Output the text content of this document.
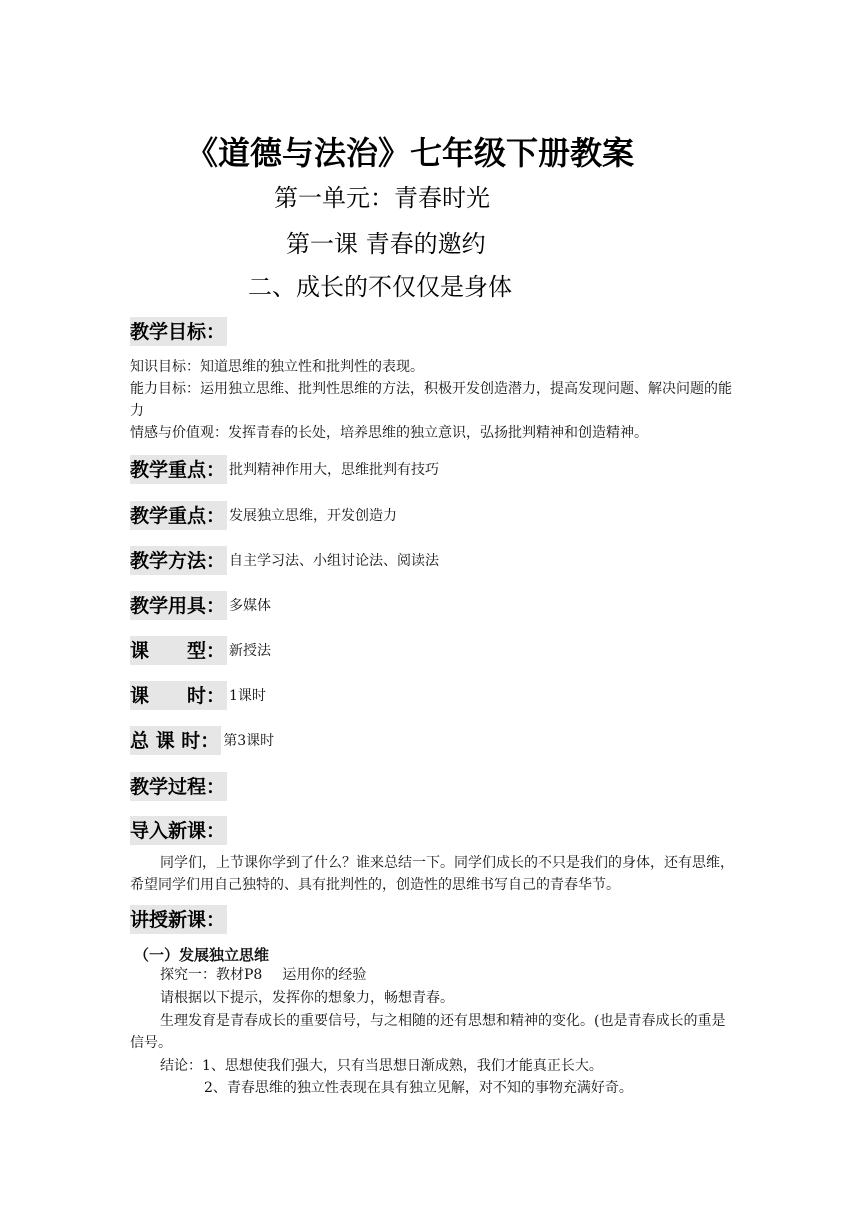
《道德与法治》七年级下册教案
第一单元：青春时光
第一课 青春的邀约
二、成长的不仅仅是身体
教学目标：
知识目标：知道思维的独立性和批判性的表现。
能力目标：运用独立思维、批判性思维的方法，积极开发创造潜力，提高发现问题、解决问题的能力
情感与价值观：发挥青春的长处，培养思维的独立意识，弘扬批判精神和创造精神。
教学重点： 批判精神作用大，思维批判有技巧
教学重点： 发展独立思维，开发创造力
教学方法： 自主学习法、小组讨论法、阅读法
教学用具： 多媒体
课　　型： 新授法
课　　时： 1课时
总 课 时： 第3课时
教学过程：
导入新课：
同学们，上节课你学到了什么？谁来总结一下。同学们成长的不只是我们的身体，还有思维，希望同学们用自己独特的、具有批判性的，创造性的思维书写自己的青春华节。
讲授新课：
（一）发展独立思维
探究一：教材P8 运用你的经验
请根据以下提示，发挥你的想象力，畅想青春。
生理发育是青春成长的重要信号，与之相随的还有思想和精神的变化。(也是青春成长的重是信号。
结论：1、思想使我们强大，只有当思想日渐成熟，我们才能真正长大。
2、青春思维的独立性表现在具有独立见解，对不知的事物充满好奇。
